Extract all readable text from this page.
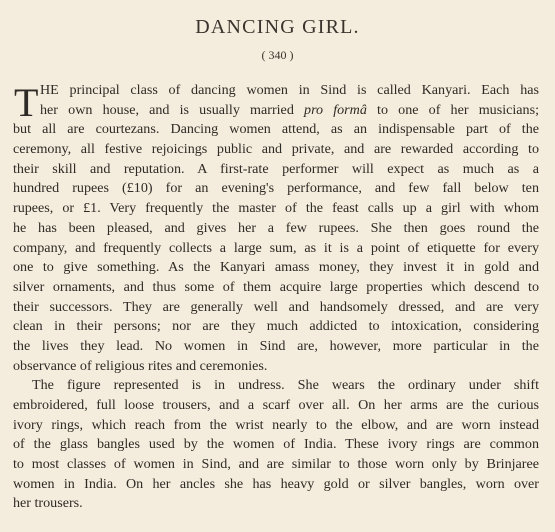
DANCING GIRL.
( 340 )
T HE principal class of dancing women in Sind is called Kanyari. Each has
her own house, and is usually married pro formâ to one of her musicians;
but all are courtezans. Dancing women attend, as an indispensable part of the
ceremony, all festive rejoicings public and private, and are rewarded according to
their skill and reputation. A first-rate performer will expect as much as a
hundred rupees (£10) for an evening's performance, and few fall below ten
rupees, or £1. Very frequently the master of the feast calls up a girl with whom
he has been pleased, and gives her a few rupees. She then goes round the
company, and frequently collects a large sum, as it is a point of etiquette for every
one to give something. As the Kanyari amass money, they invest it in gold and
silver ornaments, and thus some of them acquire large properties which descend to
their successors. They are generally well and handsomely dressed, and are very
clean in their persons; nor are they much addicted to intoxication, considering
the lives they lead. No women in Sind are, however, more particular in the
observance of religious rites and ceremonies.
The figure represented is in undress. She wears the ordinary under shift
embroidered, full loose trousers, and a scarf over all. On her arms are the curious
ivory rings, which reach from the wrist nearly to the elbow, and are worn instead
of the glass bangles used by the women of India. These ivory rings are common
to most classes of women in Sind, and are similar to those worn only by Brinjaree
women in India. On her ancles she has heavy gold or silver bangles, worn over
her trousers.
